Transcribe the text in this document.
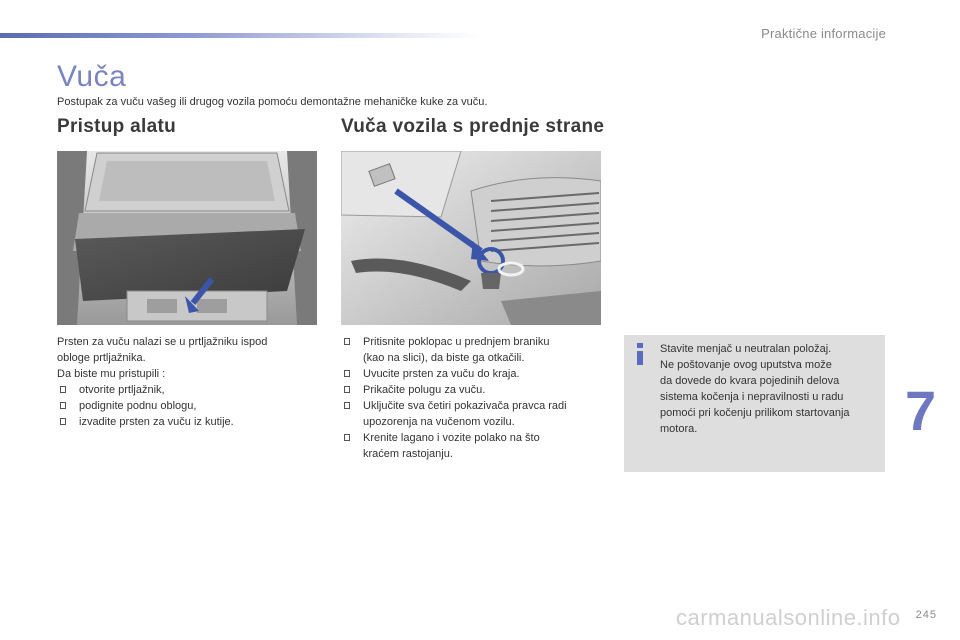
Praktične informacije
Vuča
Postupak za vuču vašeg ili drugog vozila pomoću demontažne mehaničke kuke za vuču.
Pristup alatu	Vuča vozila s prednje strane

Prsten za vuču nalazi se u prtljažniku ispod

obloge prtljažnika.

Da biste mu pristupili :

otvorite prtljažnik,
podignite podnu oblogu,
izvadite prsten za vuču iz kutije.
Pritisnite poklopac u prednjem braniku
(kao na slici), da biste ga otkačili.
Uvucite prsten za vuču do kraja.
Prikačite polugu za vuču.
Uključite sva četiri pokazivača pravca radi
upozorenja na vučenom vozilu.
Krenite lagano i vozite polako na što
kraćem rastojanju.

Stavite menjač u neutralan položaj.

Ne poštovanje ovog uputstva može

da dovede do kvara pojedinih delova

sistema kočenja i nepravilnosti u radu

pomoći pri kočenju prilikom startovanja

motora.	7
carmanualsonline.info 245
